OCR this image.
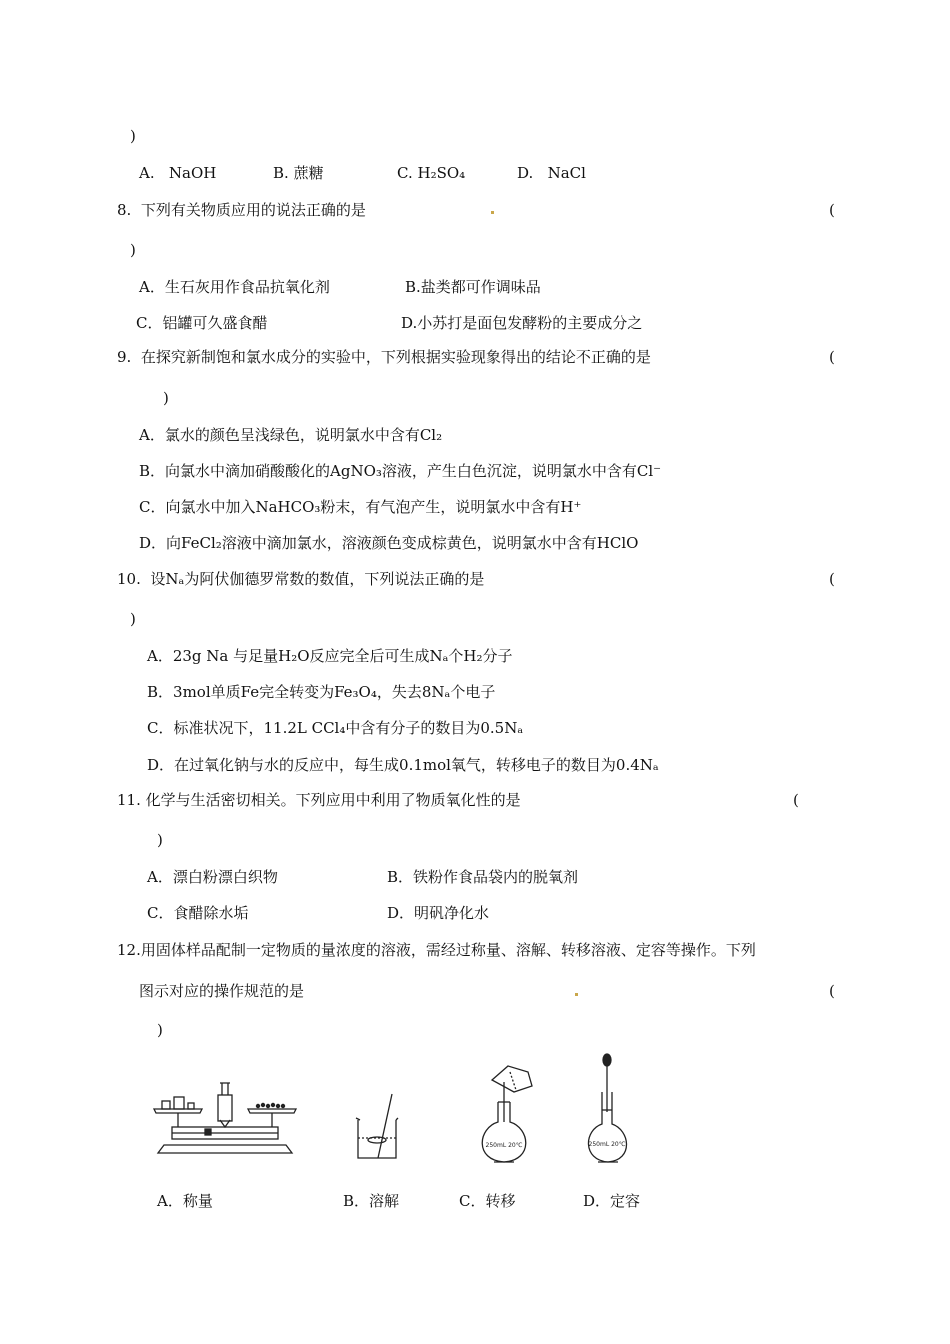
)
A. NaOH	B. 蔗糖	C. H₂SO₄	D. NaCl
8. 下列有关物质应用的说法正确的是	(
)
A．生石灰用作食品抗氧化剂	B.盐类都可作调味品
C．铝罐可久盛食醋	D.小苏打是面包发酵粉的主要成分之
9. 在探究新制饱和氯水成分的实验中，下列根据实验现象得出的结论不正确的是	(
)
A．氯水的颜色呈浅绿色，说明氯水中含有Cl₂
B．向氯水中滴加硝酸酸化的AgNO₃溶液，产生白色沉淀，说明氯水中含有Cl⁻
C．向氯水中加入NaHCO₃粉末，有气泡产生，说明氯水中含有H⁺
D．向FeCl₂溶液中滴加氯水，溶液颜色变成棕黄色，说明氯水中含有HClO
10. 设Nₐ为阿伏伽德罗常数的数值，下列说法正确的是	(
)
A．23g Na 与足量H₂O反应完全后可生成Nₐ个H₂分子
B．3mol单质Fe完全转变为Fe₃O₄，失去8Nₐ个电子
C．标准状况下，11.2L CCl₄中含有分子的数目为0.5Nₐ
D．在过氧化钠与水的反应中，每生成0.1mol氧气，转移电子的数目为0.4Nₐ
11. 化学与生活密切相关。下列应用中利用了物质氧化性的是	(
)
A．漂白粉漂白织物	B．铁粉作食品袋内的脱氧剂
C．食醋除水垢	D．明矾净化水
12.用固体样品配制一定物质的量浓度的溶液，需经过称量、溶解、转移溶液、定容等操作。下列
图示对应的操作规范的是	(
)
250mL 20℃	250mL 20℃
A．称量	B．溶解	C．转移	D．定容
